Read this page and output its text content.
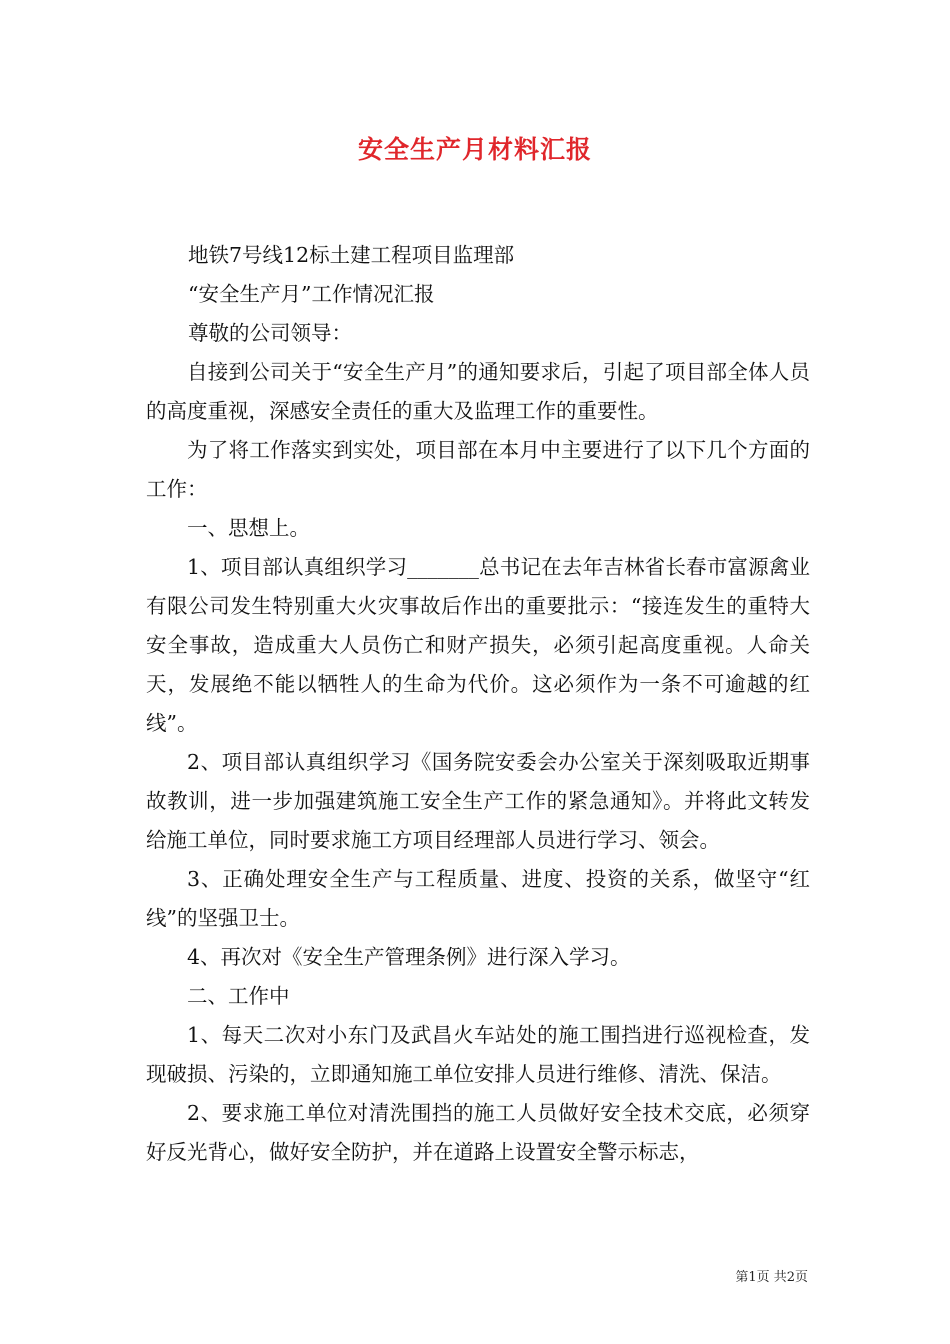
安全生产月材料汇报

地铁7号线12标土建工程项目监理部

“安全生产月”工作情况汇报

尊敬的公司领导：

自接到公司关于“安全生产月”的通知要求后，引起了项目部全体人员的高度重视，深感安全责任的重大及监理工作的重要性。

为了将工作落实到实处，项目部在本月中主要进行了以下几个方面的工作：

一、思想上。

1、项目部认真组织学习_______总书记在去年吉林省长春市富源禽业有限公司发生特别重大火灾事故后作出的重要批示：“接连发生的重特大安全事故，造成重大人员伤亡和财产损失，必须引起高度重视。人命关天，发展绝不能以牺牲人的生命为代价。这必须作为一条不可逾越的红线”。

2、项目部认真组织学习《国务院安委会办公室关于深刻吸取近期事故教训，进一步加强建筑施工安全生产工作的紧急通知》。并将此文转发给施工单位，同时要求施工方项目经理部人员进行学习、领会。

3、正确处理安全生产与工程质量、进度、投资的关系，做坚守“红线”的坚强卫士。

4、再次对《安全生产管理条例》进行深入学习。

二、工作中

1、每天二次对小东门及武昌火车站处的施工围挡进行巡视检查，发现破损、污染的，立即通知施工单位安排人员进行维修、清洗、保洁。

2、要求施工单位对清洗围挡的施工人员做好安全技术交底，必须穿好反光背心，做好安全防护，并在道路上设置安全警示标志，

第1页 共2页
